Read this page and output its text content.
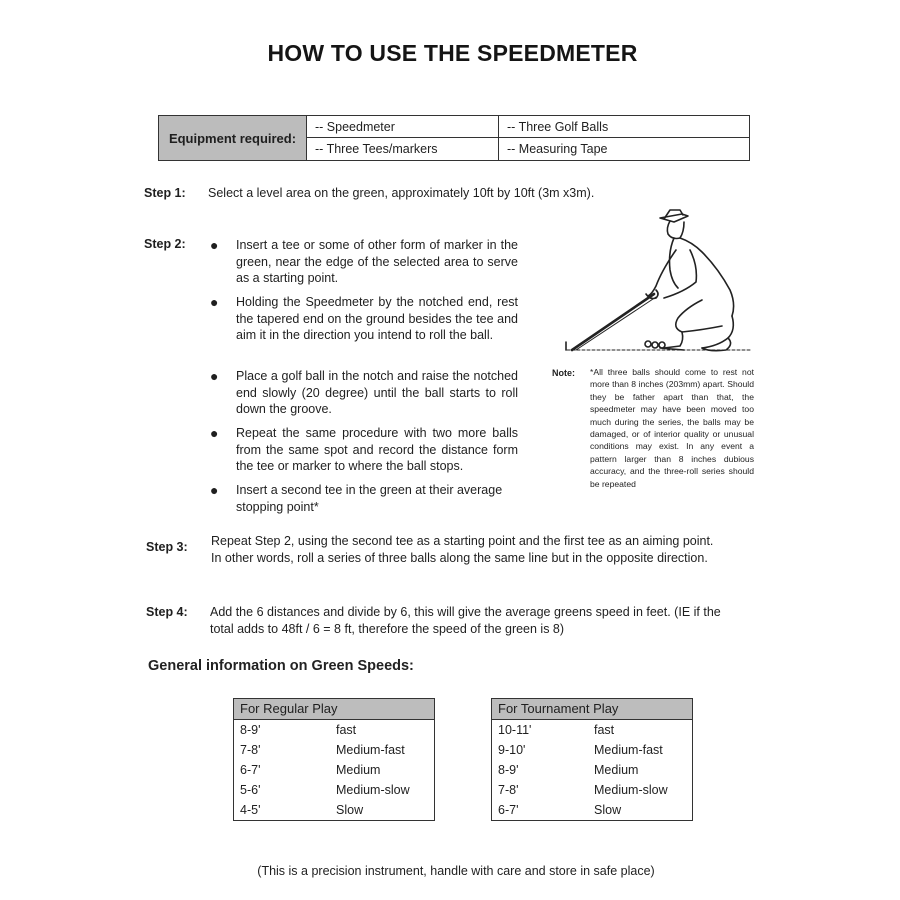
HOW TO USE THE SPEEDMETER
Equipment required:
-- Speedmeter	-- Three Golf Balls
-- Three Tees/markers	-- Measuring Tape
Step 1: Select a level area on the green, approximately 10ft by 10ft (3m x3m).
Step 2: ● Insert a tee or some of other form of marker in the green, near the edge of the selected area to serve as a starting point.
● Holding the Speedmeter by the notched end, rest the tapered end on the ground besides the tee and aim it in the direction you intend to roll the ball.
● Place a golf ball in the notch and raise the notched end slowly (20 degree) until the ball starts to roll down the groove.
● Repeat the same procedure with two more balls from the same spot and record the distance form the tee or marker to where the ball stops.
● Insert a second tee in the green at their average stopping point*
Note: *All three balls should come to rest not more than 8 inches (203mm) apart. Should they be father apart than that, the speedmeter may have been moved too much during the series, the balls may be damaged, or of interior quality or unusual conditions may exist. In any event a pattern larger than 8 inches dubious accuracy, and the three-roll series should be repeated
Step 3: Repeat Step 2, using the second tee as a starting point and the first tee as an aiming point. In other words, roll a series of three balls along the same line but in the opposite direction.
Step 4: Add the 6 distances and divide by 6, this will give the average greens speed in feet. (IE if the total adds to 48ft / 6 = 8 ft, therefore the speed of the green is 8)
General information on Green Speeds:
For Regular Play
8-9'	fast
7-8'	Medium-fast
6-7'	Medium
5-6'	Medium-slow
4-5'	Slow
For Tournament Play
10-11'	fast
9-10'	Medium-fast
8-9'	Medium
7-8'	Medium-slow
6-7'	Slow
(This is a precision instrument, handle with care and store in safe place)
